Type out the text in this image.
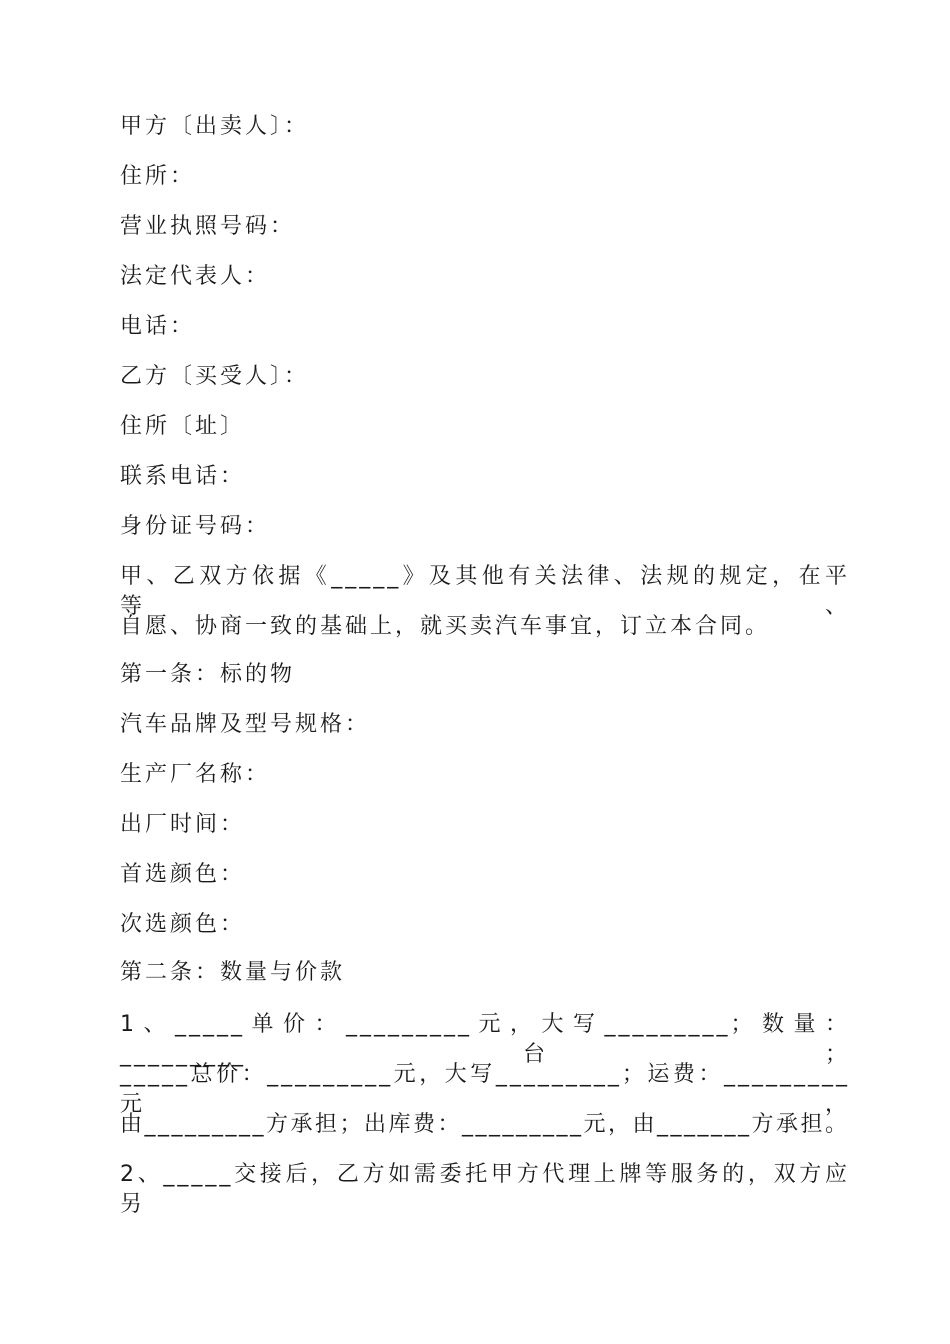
甲方〔出卖人〕：
住所：
营业执照号码：
法定代表人：
电话：
乙方〔买受人〕：
住所〔址〕
联系电话：
身份证号码：
甲、乙双方依据《_____》及其他有关法律、法规的规定，在平等、
自愿、协商一致的基础上，就买卖汽车事宜，订立本合同。
第一条：标的物
汽车品牌及型号规格：
生产厂名称：
出厂时间：
首选颜色：
次选颜色：
第二条：数量与价款
1、_____单价：_________元，大写_________；数量：_________台；
_____总价：_________元，大写_________；运费：_________元，
由_________方承担；出库费：_________元，由_______方承担。
2、_____交接后，乙方如需委托甲方代理上牌等服务的，双方应另
